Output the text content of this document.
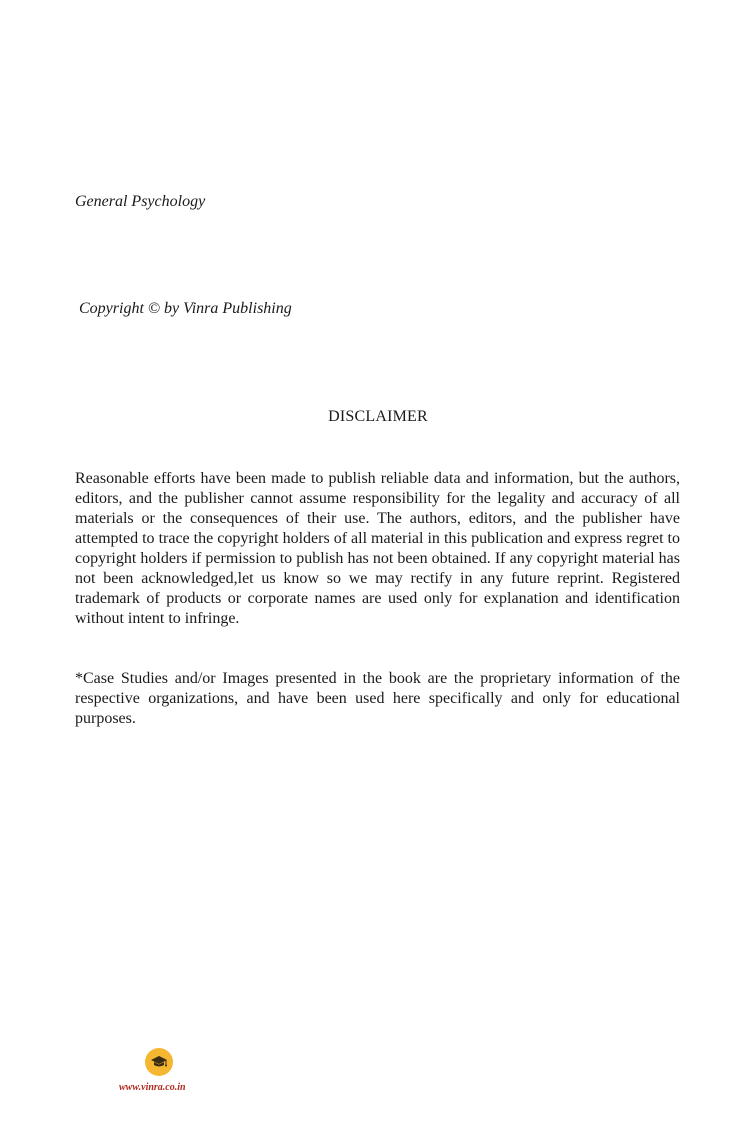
General Psychology

Copyright © by Vinra Publishing

DISCLAIMER

Reasonable efforts have been made to publish reliable data and information, but the authors, editors, and the publisher cannot assume responsibility for the legality and accuracy of all materials or the consequences of their use. The authors, editors, and the publisher have attempted to trace the copyright holders of all material in this publication and express regret to copyright holders if permission to publish has not been obtained. If any copyright material has not been acknowledged,let us know so we may rectify in any future reprint. Registered trademark of products or corporate names are used only for explanation and identification without intent to infringe.

*Case Studies and/or Images presented in the book are the proprietary information of the respective organizations, and have been used here specifically and only for educational purposes.

www.vinra.co.in
